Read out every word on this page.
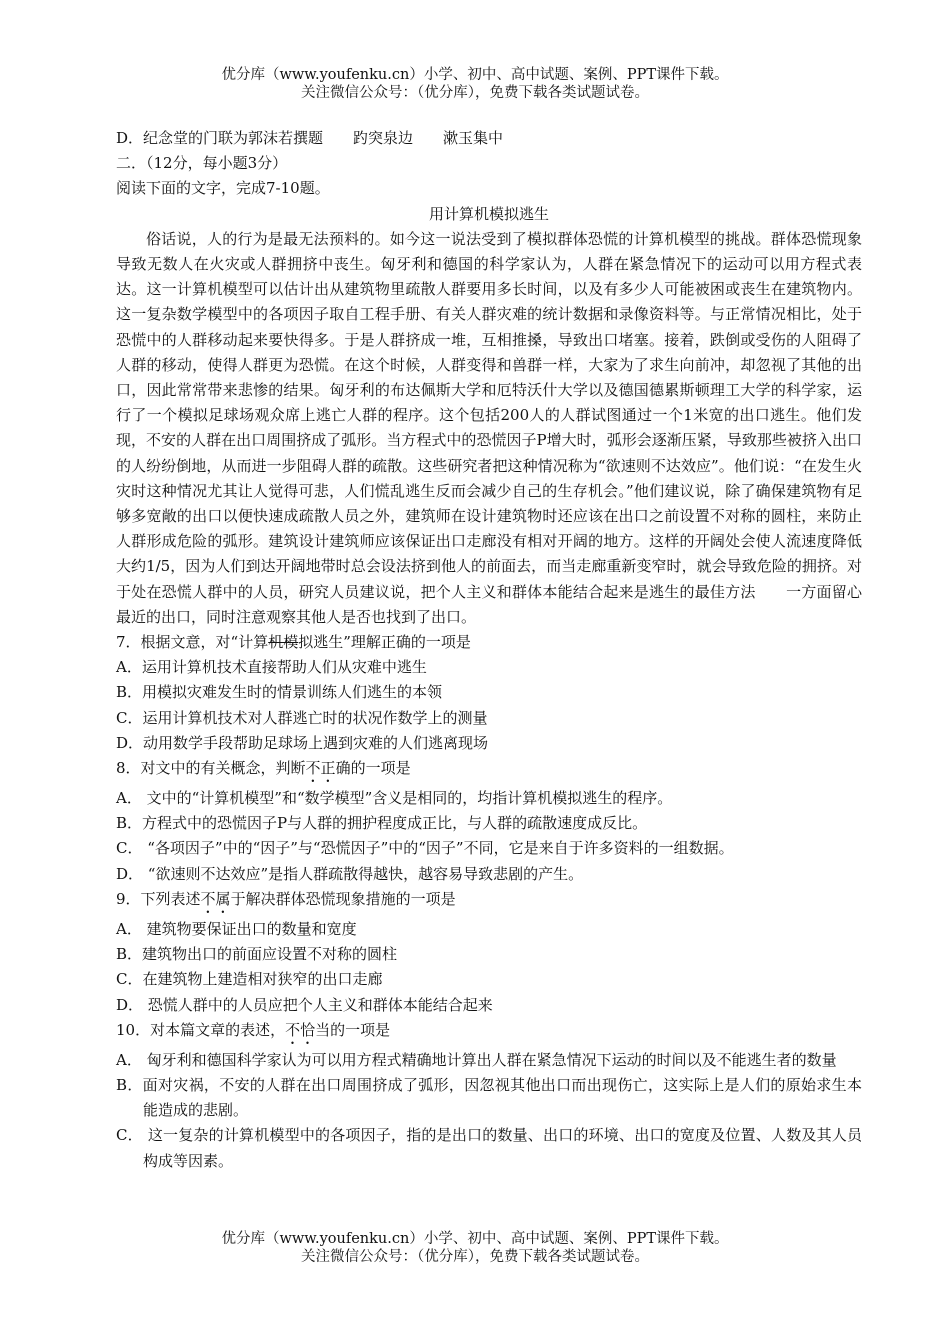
优分库（www.youfenku.cn）小学、初中、高中试题、案例、PPT课件下载。
关注微信公众号：（优分库），免费下载各类试题试卷。
D．纪念堂的门联为郭沫若撰题　　趵突泉边　　漱玉集中
二．（12分，每小题3分）
阅读下面的文字，完成7-10题。
用计算机模拟逃生
俗话说，人的行为是最无法预料的。如今这一说法受到了模拟群体恐慌的计算机模型的挑战。群体恐慌现象导致无数人在火灾或人群拥挤中丧生。匈牙利和德国的科学家认为，人群在紧急情况下的运动可以用方程式表达。这一计算机模型可以估计出从建筑物里疏散人群要用多长时间，以及有多少人可能被困或丧生在建筑物内。这一复杂数学模型中的各项因子取自工程手册、有关人群灾难的统计数据和录像资料等。与正常情况相比，处于恐慌中的人群移动起来要快得多。于是人群挤成一堆，互相推搡，导致出口堵塞。接着，跌倒或受伤的人阻碍了人群的移动，使得人群更为恐慌。在这个时候，人群变得和兽群一样，大家为了求生向前冲，却忽视了其他的出口，因此常常带来悲惨的结果。匈牙利的布达佩斯大学和厄特沃什大学以及德国德累斯顿理工大学的科学家，运行了一个模拟足球场观众席上逃亡人群的程序。这个包括200人的人群试图通过一个1米宽的出口逃生。他们发现，不安的人群在出口周围挤成了弧形。当方程式中的恐慌因子P增大时，弧形会逐渐压紧，导致那些被挤入出口的人纷纷倒地，从而进一步阻碍人群的疏散。这些研究者把这种情况称为“欲速则不达效应”。他们说：“在发生火灾时这种情况尤其让人觉得可悲，人们慌乱逃生反而会减少自己的生存机会。”他们建议说，除了确保建筑物有足够多宽敞的出口以便快速成疏散人员之外，建筑师在设计建筑物时还应该在出口之前设置不对称的圆柱，来防止人群形成危险的弧形。建筑设计建筑师应该保证出口走廊没有相对开阔的地方。这样的开阔处会使人流速度降低大约1/5，因为人们到达开阔地带时总会设法挤到他人的前面去，而当走廊重新变窄时，就会导致危险的拥挤。对于处在恐慌人群中的人员，研究人员建议说，把个人主义和群体本能结合起来是逃生的最佳方法　　一方面留心最近的出口，同时注意观察其他人是否也找到了出口。
7．根据文意，对“计算机模拟逃生”理解正确的一项是
A．运用计算机技术直接帮助人们从灾难中逃生
B．用模拟灾难发生时的情景训练人们逃生的本领
C．运用计算机技术对人群逃亡时的状况作数学上的测量
D．动用数学手段帮助足球场上遇到灾难的人们逃离现场
8．对文中的有关概念，判断不正确的一项是
A． 文中的“计算机模型”和“数学模型”含义是相同的，均指计算机模拟逃生的程序。
B．方程式中的恐慌因子P与人群的拥护程度成正比，与人群的疏散速度成反比。
C． “各项因子”中的“因子”与“恐慌因子”中的“因子”不同，它是来自于许多资料的一组数据。
D． “欲速则不达效应”是指人群疏散得越快，越容易导致悲剧的产生。
9．下列表述不属于解决群体恐慌现象措施的一项是
A． 建筑物要保证出口的数量和宽度
B．建筑物出口的前面应设置不对称的圆柱
C．在建筑物上建造相对狭窄的出口走廊
D． 恐慌人群中的人员应把个人主义和群体本能结合起来
10．对本篇文章的表述，不恰当的一项是
A． 匈牙利和德国科学家认为可以用方程式精确地计算出人群在紧急情况下运动的时间以及不能逃生者的数量
B．面对灾祸，不安的人群在出口周围挤成了弧形，因忽视其他出口而出现伤亡，这实际上是人们的原始求生本能造成的悲剧。
C． 这一复杂的计算机模型中的各项因子，指的是出口的数量、出口的环境、出口的宽度及位置、人数及其人员构成等因素。
优分库（www.youfenku.cn）小学、初中、高中试题、案例、PPT课件下载。
关注微信公众号：（优分库），免费下载各类试题试卷。
